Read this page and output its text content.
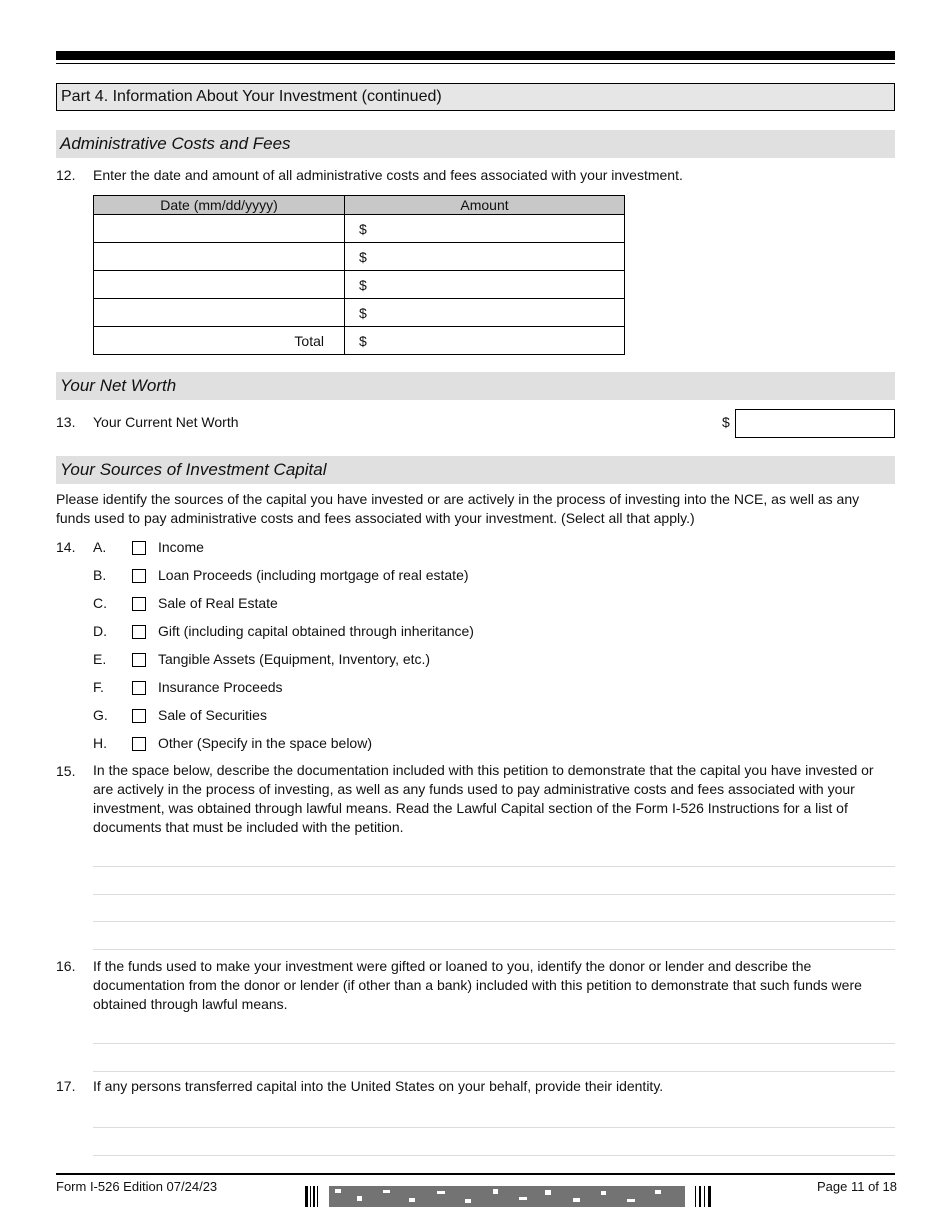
Part 4. Information About Your Investment (continued)
Administrative Costs and Fees
12. Enter the date and amount of all administrative costs and fees associated with your investment.
Date (mm/dd/yyyy)	Amount
	$
	$
	$
	$
Total	$
Your Net Worth
13. Your Current Net Worth	$
Your Sources of Investment Capital
Please identify the sources of the capital you have invested or are actively in the process of investing into the NCE, as well as any funds used to pay administrative costs and fees associated with your investment. (Select all that apply.)
14. A.	Income
B.	Loan Proceeds (including mortgage of real estate)
C.	Sale of Real Estate
D.	Gift (including capital obtained through inheritance)
E.	Tangible Assets (Equipment, Inventory, etc.)
F.	Insurance Proceeds
G.	Sale of Securities
H.	Other (Specify in the space below)
15. In the space below, describe the documentation included with this petition to demonstrate that the capital you have invested or are actively in the process of investing, as well as any funds used to pay administrative costs and fees associated with your investment, was obtained through lawful means. Read the Lawful Capital section of the Form I-526 Instructions for a list of documents that must be included with the petition.
16. If the funds used to make your investment were gifted or loaned to you, identify the donor or lender and describe the documentation from the donor or lender (if other than a bank) included with this petition to demonstrate that such funds were obtained through lawful means.
17. If any persons transferred capital into the United States on your behalf, provide their identity.
Form I-526 Edition 07/24/23	Page 11 of 18
